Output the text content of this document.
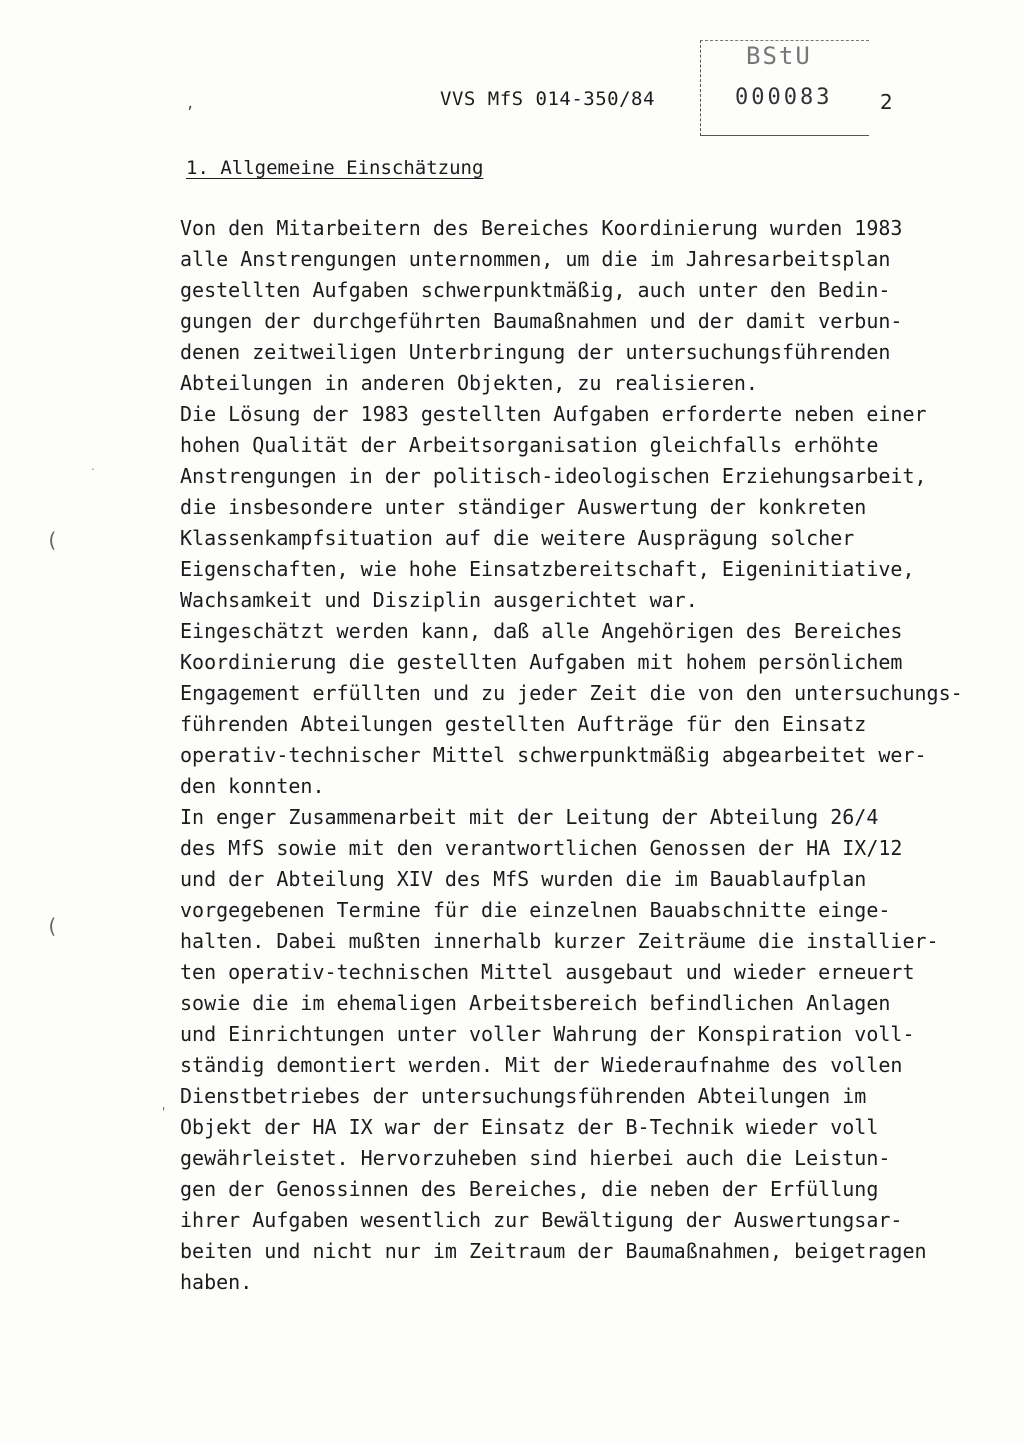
,	VVS MfS 014-350/84
BStU
000083 2
1. Allgemeine Einschätzung
Von den Mitarbeitern des Bereiches Koordinierung wurden 1983
alle Anstrengungen unternommen, um die im Jahresarbeitsplan
gestellten Aufgaben schwerpunktmäßig, auch unter den Bedin-
gungen der durchgeführten Baumaßnahmen und der damit verbun-
denen zeitweiligen Unterbringung der untersuchungsführenden
Abteilungen in anderen Objekten, zu realisieren.
Die Lösung der 1983 gestellten Aufgaben erforderte neben einer
hohen Qualität der Arbeitsorganisation gleichfalls erhöhte
Anstrengungen in der politisch-ideologischen Erziehungsarbeit,
die insbesondere unter ständiger Auswertung der konkreten
Klassenkampfsituation auf die weitere Ausprägung solcher
Eigenschaften, wie hohe Einsatzbereitschaft, Eigeninitiative,
Wachsamkeit und Disziplin ausgerichtet war.
Eingeschätzt werden kann, daß alle Angehörigen des Bereiches
Koordinierung die gestellten Aufgaben mit hohem persönlichem
Engagement erfüllten und zu jeder Zeit die von den untersuchungs-
führenden Abteilungen gestellten Aufträge für den Einsatz
operativ-technischer Mittel schwerpunktmäßig abgearbeitet wer-
den konnten.
In enger Zusammenarbeit mit der Leitung der Abteilung 26/4
des MfS sowie mit den verantwortlichen Genossen der HA IX/12
und der Abteilung XIV des MfS wurden die im Bauablaufplan
vorgegebenen Termine für die einzelnen Bauabschnitte einge-
halten. Dabei mußten innerhalb kurzer Zeiträume die installier-
ten operativ-technischen Mittel ausgebaut und wieder erneuert
sowie die im ehemaligen Arbeitsbereich befindlichen Anlagen
und Einrichtungen unter voller Wahrung der Konspiration voll-
ständig demontiert werden. Mit der Wiederaufnahme des vollen
Dienstbetriebes der untersuchungsführenden Abteilungen im
Objekt der HA IX war der Einsatz der B-Technik wieder voll
gewährleistet. Hervorzuheben sind hierbei auch die Leistun-
gen der Genossinnen des Bereiches, die neben der Erfüllung
ihrer Aufgaben wesentlich zur Bewältigung der Auswertungsar-
beiten und nicht nur im Zeitraum der Baumaßnahmen, beigetragen
haben.
(
(
'
.
